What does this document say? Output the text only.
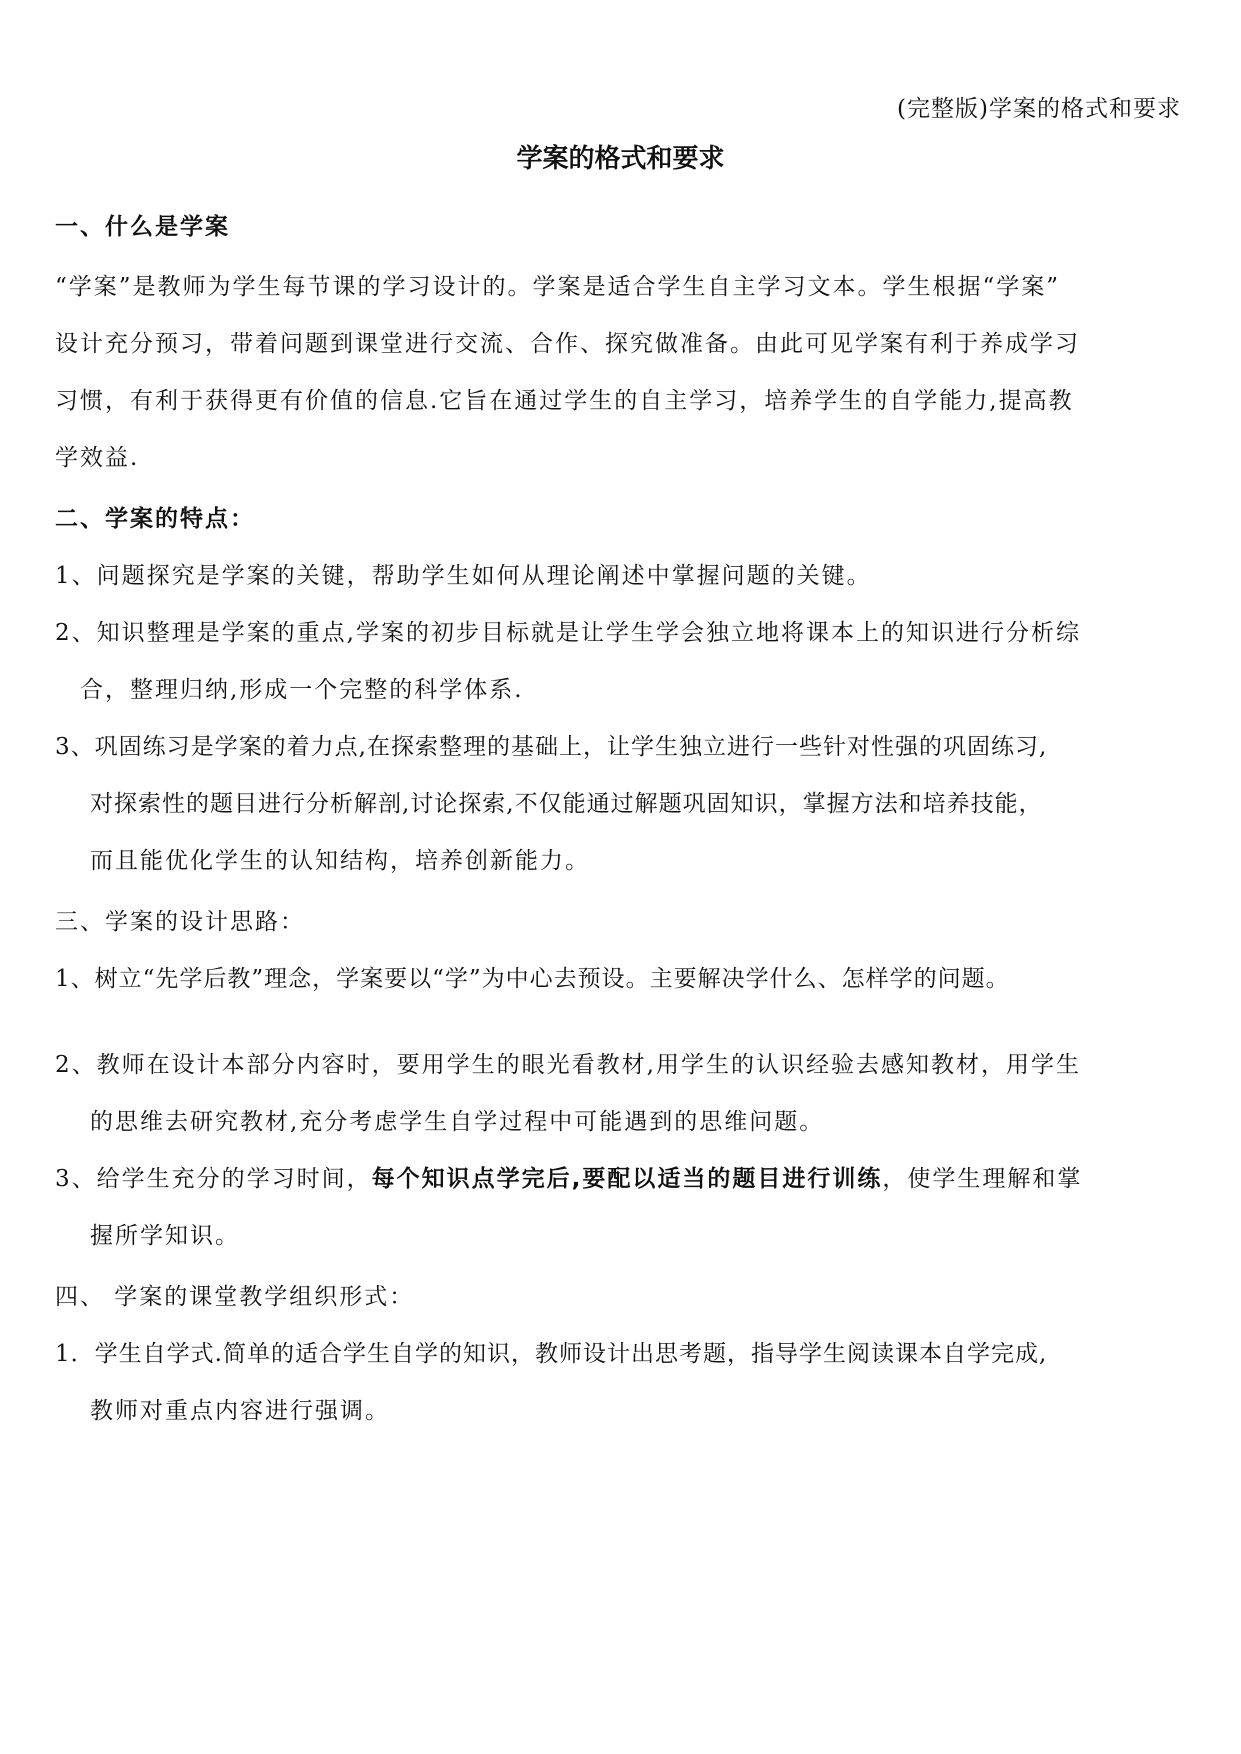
(完整版)学案的格式和要求
学案的格式和要求
一、什么是学案
“学案”是教师为学生每节课的学习设计的。学案是适合学生自主学习文本。学生根据“学案”
设计充分预习，带着问题到课堂进行交流、合作、探究做准备。由此可见学案有利于养成学习
习惯，有利于获得更有价值的信息.它旨在通过学生的自主学习，培养学生的自学能力,提高教
学效益.
二、学案的特点：
1、问题探究是学案的关键，帮助学生如何从理论阐述中掌握问题的关键。
2、知识整理是学案的重点,学案的初步目标就是让学生学会独立地将课本上的知识进行分析综
合，整理归纳,形成一个完整的科学体系.
3、巩固练习是学案的着力点,在探索整理的基础上，让学生独立进行一些针对性强的巩固练习,
对探索性的题目进行分析解剖,讨论探索,不仅能通过解题巩固知识，掌握方法和培养技能，
而且能优化学生的认知结构，培养创新能力。
三、学案的设计思路：
1、树立“先学后教”理念，学案要以“学”为中心去预设。主要解决学什么、怎样学的问题。
2、教师在设计本部分内容时，要用学生的眼光看教材,用学生的认识经验去感知教材，用学生
的思维去研究教材,充分考虑学生自学过程中可能遇到的思维问题。
3、给学生充分的学习时间，每个知识点学完后,要配以适当的题目进行训练，使学生理解和掌
握所学知识。
四、 学案的课堂教学组织形式：
1．学生自学式.简单的适合学生自学的知识，教师设计出思考题，指导学生阅读课本自学完成,
教师对重点内容进行强调。
